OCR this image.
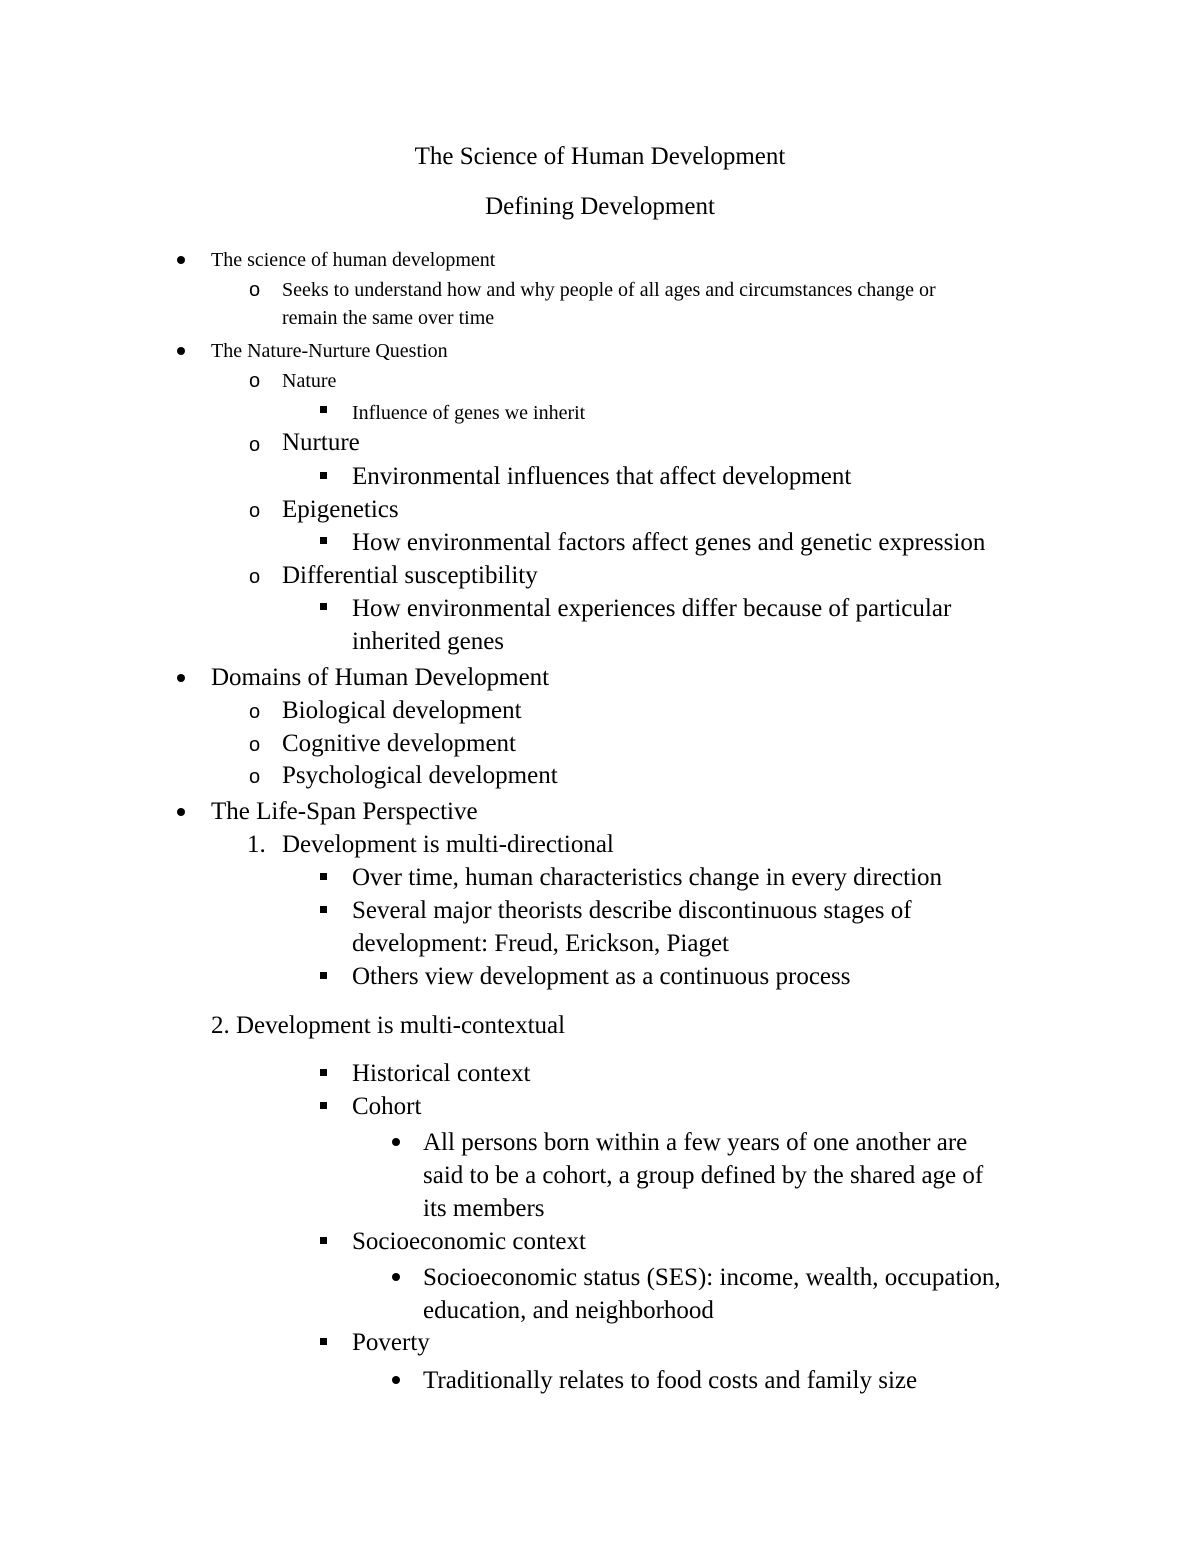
The Science of Human Development
Defining Development
The science of human development
o Seeks to understand how and why people of all ages and circumstances change or
remain the same over time
The Nature-Nurture Question
o Nature
Influence of genes we inherit
o Nurture
Environmental influences that affect development
o Epigenetics
How environmental factors affect genes and genetic expression
o Differential susceptibility
How environmental experiences differ because of particular
inherited genes
Domains of Human Development
o Biological development
o Cognitive development
o Psychological development
The Life-Span Perspective
1. Development is multi-directional
Over time, human characteristics change in every direction
Several major theorists describe discontinuous stages of
development: Freud, Erickson, Piaget
Others view development as a continuous process
2. Development is multi-contextual
Historical context
Cohort
All persons born within a few years of one another are
said to be a cohort, a group defined by the shared age of
its members
Socioeconomic context
Socioeconomic status (SES): income, wealth, occupation,
education, and neighborhood
Poverty
Traditionally relates to food costs and family size
